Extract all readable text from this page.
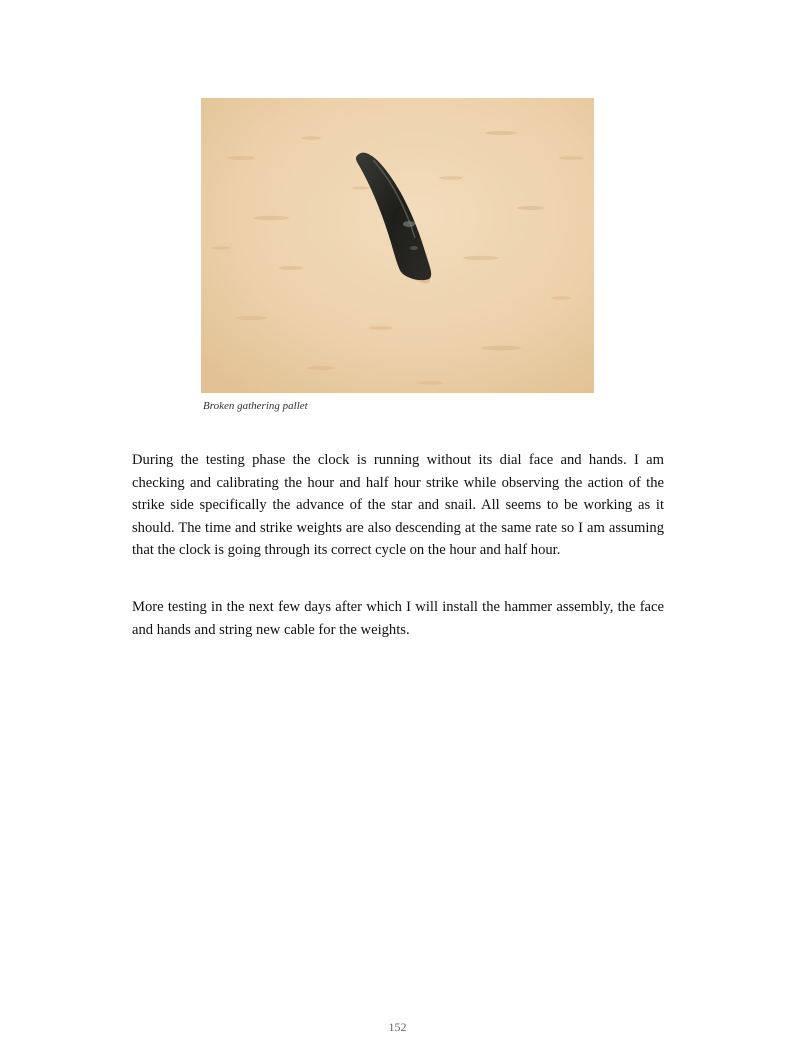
Broken gathering pallet

During the testing phase the clock is running without its dial face and hands. I am checking and calibrating the hour and half hour strike while observing the action of the strike side specifically the advance of the star and snail. All seems to be working as it should. The time and strike weights are also descending at the same rate so I am assuming that the clock is going through its correct cycle on the hour and half hour.

More testing in the next few days after which I will install the hammer assembly, the face and hands and string new cable for the weights.

152
